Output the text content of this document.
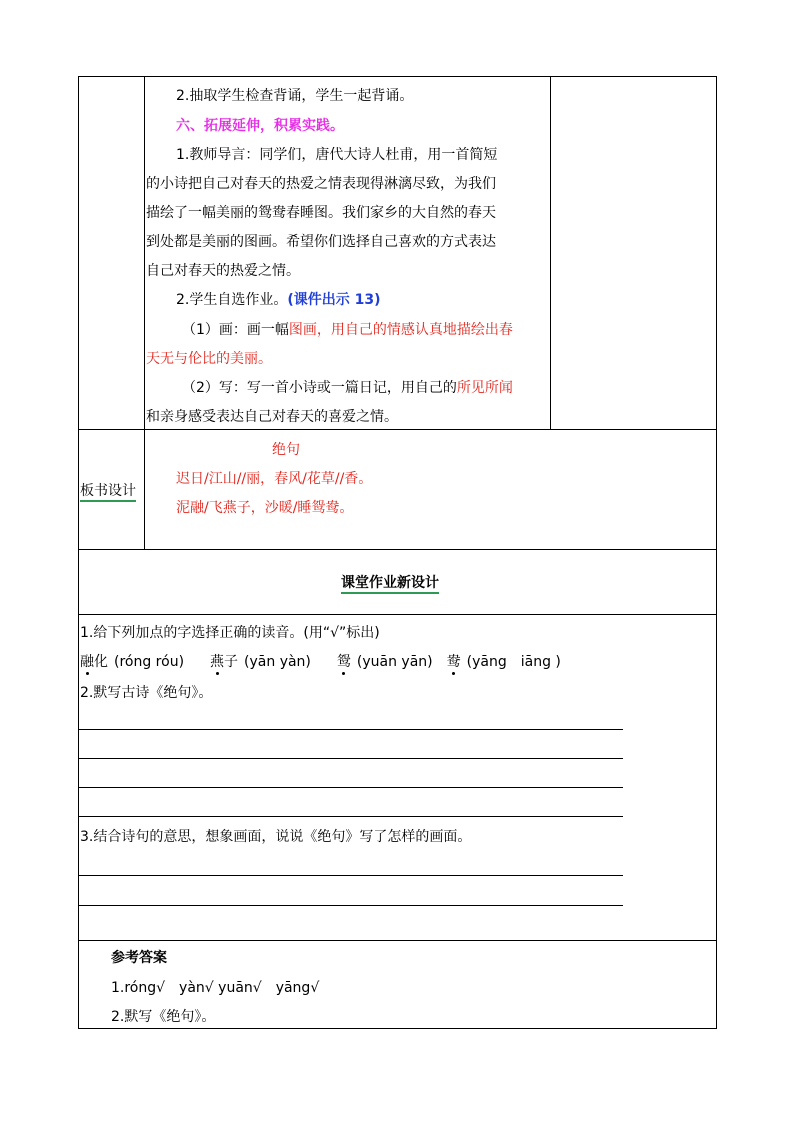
2.抽取学生检查背诵，学生一起背诵。
六、拓展延伸，积累实践。
1.教师导言：同学们，唐代大诗人杜甫，用一首简短
的小诗把自己对春天的热爱之情表现得淋漓尽致，为我们
描绘了一幅美丽的鸳鸯春睡图。我们家乡的大自然的春天
到处都是美丽的图画。希望你们选择自己喜欢的方式表达
自己对春天的热爱之情。
2.学生自选作业。(课件出示 13)
（1）画：画一幅图画，用自己的情感认真地描绘出春
天无与伦比的美丽。
（2）写：写一首小诗或一篇日记，用自己的所见所闻
和亲身感受表达自己对春天的喜爱之情。
板书设计
绝句
迟日/江山//丽，春风/花草//香。
泥融/飞燕子，沙暖/睡鸳鸯。
课堂作业新设计
1.给下列加点的字选择正确的读音。(用“√”标出)
融化 (róng róu) 燕子 (yān yàn) 鸳 (yuān yān) 鸯 (yāng　iāng )
2.默写古诗《绝句》。
3.结合诗句的意思，想象画面，说说《绝句》写了怎样的画面。
参考答案
1.róng√　yàn√ yuān√　yāng√
2.默写《绝句》。
